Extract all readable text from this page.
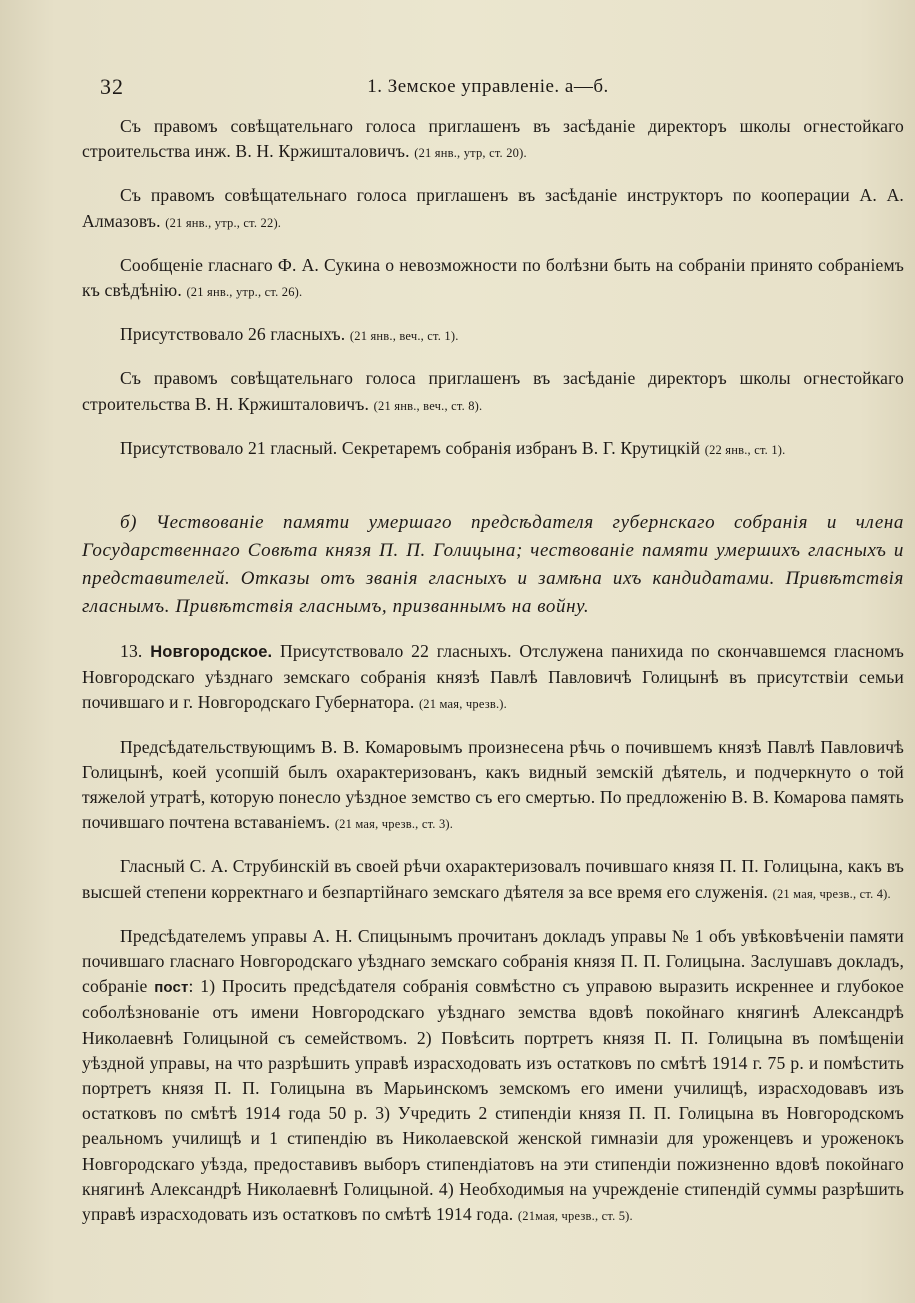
32	1. Земское управленіе. а—б.

Съ правомъ совѣщательнаго голоса приглашенъ въ засѣданіе директоръ школы огнестойкаго строительства инж. В. Н. Кржишталовичъ. (21 янв., утр, ст. 20).

Съ правомъ совѣщательнаго голоса приглашенъ въ засѣданіе инструкторъ по кооперации А. А. Алмазовъ. (21 янв., утр., ст. 22).

Сообщеніе гласнаго Ф. А. Сукина о невозможности по болѣзни быть на собраніи принято собраніемъ къ свѣдѣнію. (21 янв., утр., ст. 26).

Присутствовало 26 гласныхъ. (21 янв., веч., ст. 1).

Съ правомъ совѣщательнаго голоса приглашенъ въ засѣданіе директоръ школы огнестойкаго строительства В. Н. Кржишталовичъ. (21 янв., веч., ст. 8).

Присутствовало 21 гласный. Секретаремъ собранія избранъ В. Г. Крутицкій (22 янв., ст. 1).

б) Чествованіе памяти умершаго предсѣдателя губернскаго собранія и члена Государственнаго Совѣта князя П. П. Голицына; чествованіе памяти умершихъ гласныхъ и представителей. Отказы отъ званія гласныхъ и замѣна ихъ кандидатами. Привѣтствія гласнымъ. Привѣтствія гласнымъ, призваннымъ на войну.

13. Новгородское. Присутствовало 22 гласныхъ. Отслужена панихида по скончавшемся гласномъ Новгородскаго уѣзднаго земскаго собранія князѣ Павлѣ Павловичѣ Голицынѣ въ присутствіи семьи почившаго и г. Новгородскаго Губернатора. (21 мая, чрезв.).

Предсѣдательствующимъ В. В. Комаровымъ произнесена рѣчь о почившемъ князѣ Павлѣ Павловичѣ Голицынѣ, коей усопшій былъ охарактеризованъ, какъ видный земскій дѣятель, и подчеркнуто о той тяжелой утратѣ, которую понесло уѣздное земство съ его смертью. По предложенію В. В. Комарова память почившаго почтена вставаніемъ. (21 мая, чрезв., ст. 3).

Гласный С. А. Струбинскій въ своей рѣчи охарактеризовалъ почившаго князя П. П. Голицына, какъ въ высшей степени корректнаго и безпартійнаго земскаго дѣятеля за все время его служенія. (21 мая, чрезв., ст. 4).

Предсѣдателемъ управы А. Н. Спицынымъ прочитанъ докладъ управы № 1 объ увѣковѣченіи памяти почившаго гласнаго Новгородскаго уѣзднаго земскаго собранія князя П. П. Голицына. Заслушавъ докладъ, собраніе пост: 1) Просить предсѣдателя собранія совмѣстно съ управою выразить искреннее и глубокое соболѣзнованіе отъ имени Новгородскаго уѣзднаго земства вдовѣ покойнаго княгинѣ Александрѣ Николаевнѣ Голицыной съ семействомъ. 2) Повѣсить портретъ князя П. П. Голицына въ помѣщеніи уѣздной управы, на что разрѣшить управѣ израсходовать изъ остатковъ по смѣтѣ 1914 г. 75 р. и помѣстить портретъ князя П. П. Голицына въ Марьинскомъ земскомъ его имени училищѣ, израсходовавъ изъ остатковъ по смѣтѣ 1914 года 50 р. 3) Учредить 2 стипендіи князя П. П. Голицына въ Новгородскомъ реальномъ училищѣ и 1 стипендію въ Николаевской женской гимназіи для уроженцевъ и уроженокъ Новгородскаго уѣзда, предоставивъ выборъ стипендіатовъ на эти стипендіи пожизненно вдовѣ покойнаго княгинѣ Александрѣ Николаевнѣ Голицыной. 4) Необходимыя на учрежденіе стипендій суммы разрѣшить управѣ израсходовать изъ остатковъ по смѣтѣ 1914 года. (21мая, чрезв., ст. 5).
